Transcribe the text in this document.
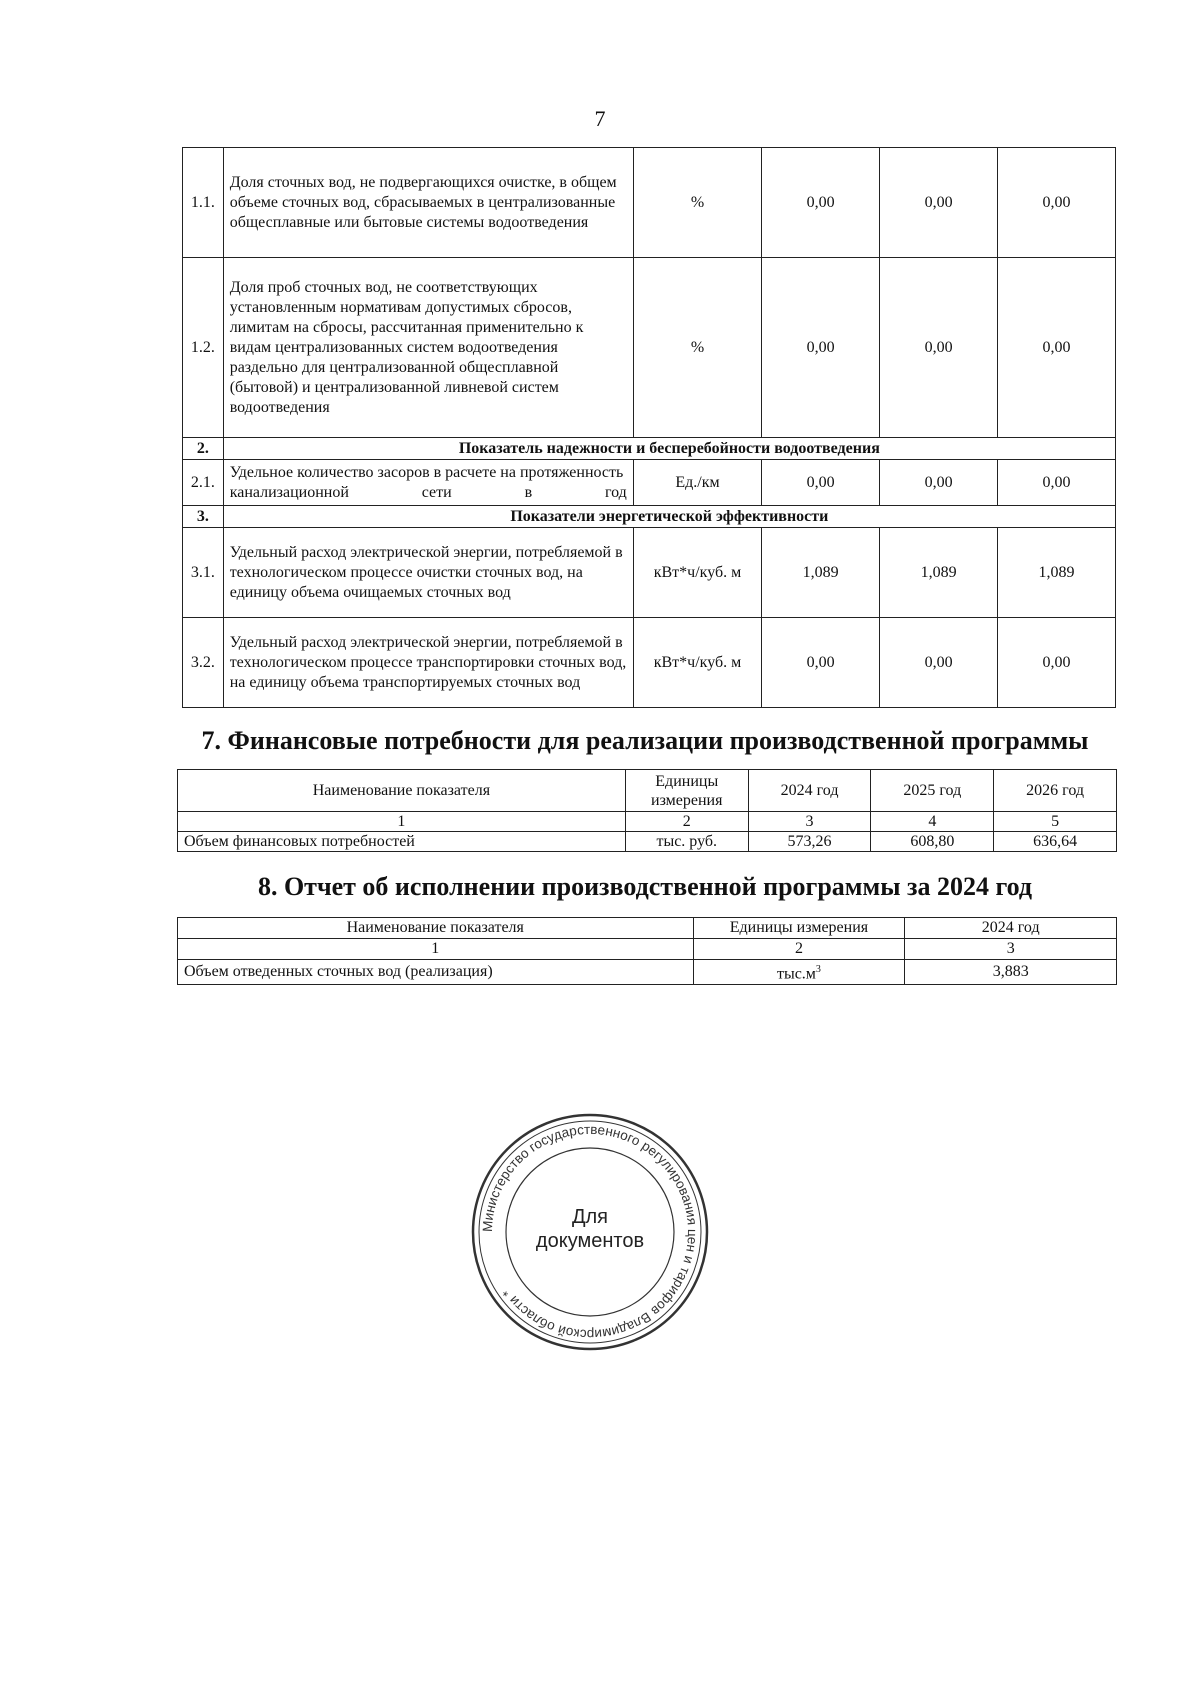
7
1.1.	Доля сточных вод, не подвергающихся очистке, в общем объеме сточных вод, сбрасываемых в централизованные общесплавные или бытовые системы водоотведения	%	0,00	0,00	0,00
1.2.	Доля проб сточных вод, не соответствующих установленным нормативам допустимых сбросов, лимитам на сбросы, рассчитанная применительно к видам централизованных систем водоотведения раздельно для централизованной общесплавной (бытовой) и централизованной ливневой систем водоотведения	%	0,00	0,00	0,00
2.	Показатель надежности и бесперебойности водоотведения				
2.1.	Удельное количество засоров в расчете на протяженность канализационной сети в год	Ед./км	0,00	0,00	0,00
3.	Показатели энергетической эффективности				
3.1.	Удельный расход электрической энергии, потребляемой в технологическом процессе очистки сточных вод, на единицу объема очищаемых сточных вод	кВт*ч/куб. м	1,089	1,089	1,089
3.2.	Удельный расход электрической энергии, потребляемой в технологическом процессе транспортировки сточных вод, на единицу объема транспортируемых сточных вод	кВт*ч/куб. м	0,00	0,00	0,00
7. Финансовые потребности для реализации производственной программы
Наименование показателя	Единицы измерения	2024 год	2025 год	2026 год
1	2	3	4	5
Объем финансовых потребностей	тыс. руб.	573,26	608,80	636,64
8. Отчет об исполнении производственной программы за 2024 год
Наименование показателя	Единицы измерения	2024 год
1	2	3
Объем отведенных сточных вод (реализация)	$тыс.м^3$	3,883
Министерство государственного регулирования цен и тарифов Владимирской области *
Для
документов
